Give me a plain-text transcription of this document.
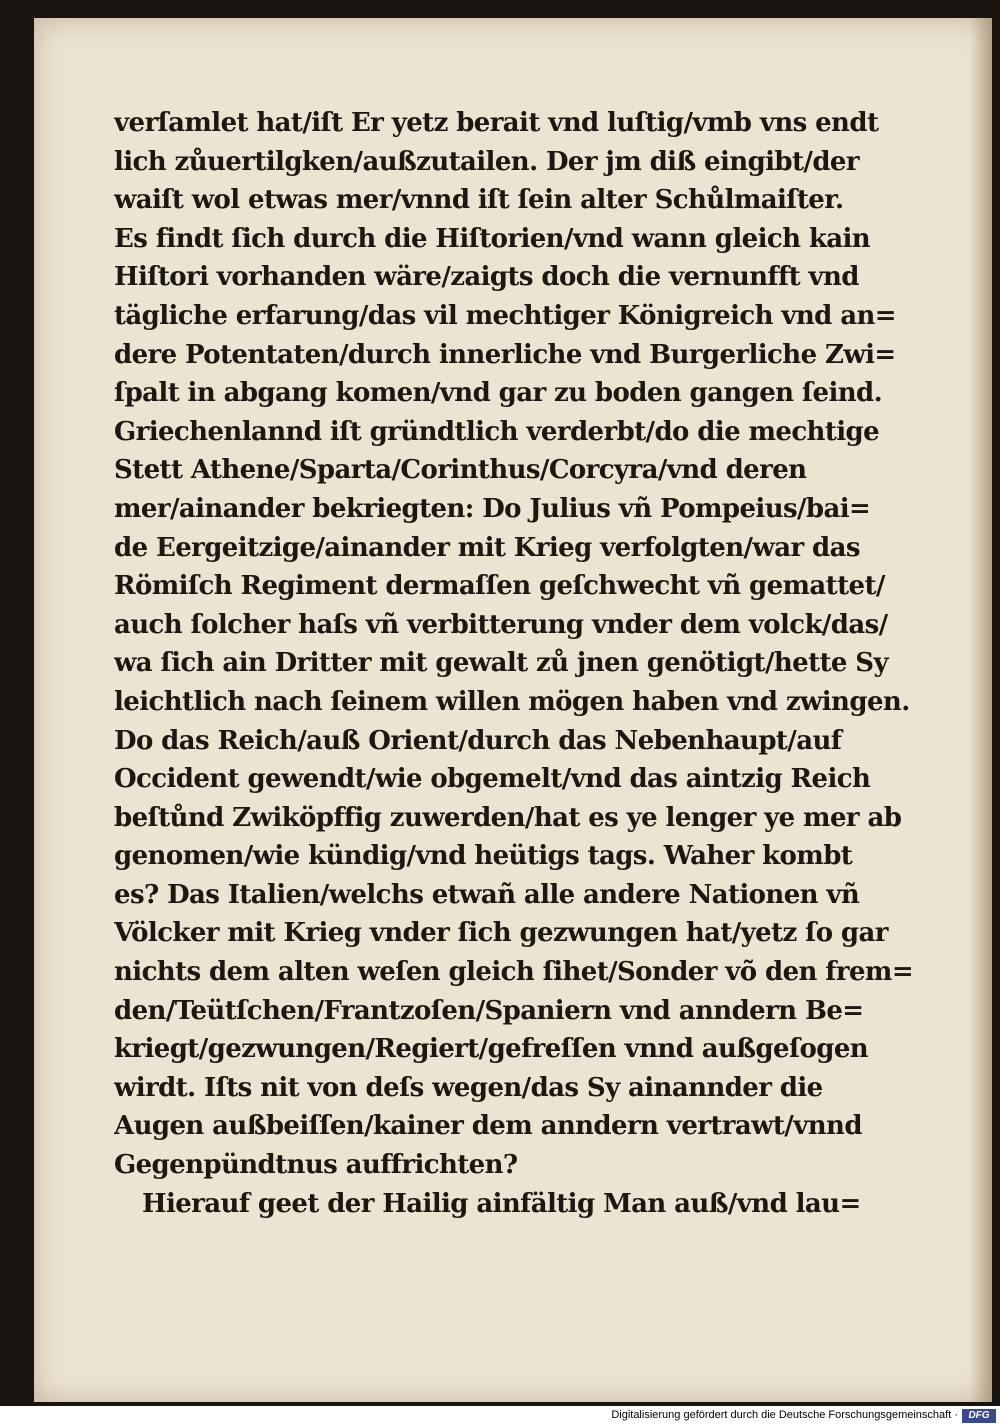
verſamlet hat/iſt Er yetz berait vnd luſtig/vmb vns endt
lich zůuertilgken/außzutailen. Der jm diß eingibt/der
waiſt wol etwas mer/vnnd iſt ſein alter Schůlmaiſter.
Es findt ſich durch die Hiſtorien/vnd wann gleich kain
Hiſtori vorhanden wäre/zaigts doch die vernunfft vnd
tägliche erfarung/das vil mechtiger Königreich vnd an=
dere Potentaten/durch innerliche vnd Burgerliche Zwi=
ſpalt in abgang komen/vnd gar zu boden gangen ſeind.
Griechenlannd iſt gründtlich verderbt/do die mechtige
Stett Athene/Sparta/Corinthus/Corcyra/vnd deren
mer/ainander bekriegten: Do Julius vñ Pompeius/bai=
de Eergeitzige/ainander mit Krieg verfolgten/war das
Römiſch Regiment dermaſſen geſchwecht vñ gemattet/
auch ſolcher haſs vñ verbitterung vnder dem volck/das/
wa ſich ain Dritter mit gewalt zů jnen genötigt/hette Sy
leichtlich nach ſeinem willen mögen haben vnd zwingen.
Do das Reich/auß Orient/durch das Nebenhaupt/auf
Occident gewendt/wie obgemelt/vnd das aintzig Reich
beſtůnd Zwiköpffig zuwerden/hat es ye lenger ye mer ab
genomen/wie kündig/vnd heütigs tags. Waher kombt
es? Das Italien/welchs etwañ alle andere Nationen vñ
Völcker mit Krieg vnder ſich gezwungen hat/yetz ſo gar
nichts dem alten weſen gleich ſihet/Sonder võ den frem=
den/Teütſchen/Frantzoſen/Spaniern vnd anndern Be=
kriegt/gezwungen/Regiert/gefreſſen vnnd außgeſogen
wirdt. Iſts nit von deſs wegen/das Sy ainannder die
Augen außbeiſſen/kainer dem anndern vertrawt/vnnd
Gegenpündtnus auffrichten?
Hierauf geet der Hailig ainfältig Man auß/vnd lau=
Digitalisierung gefördert durch die Deutsche Forschungsgemeinschaft ·	DFG
